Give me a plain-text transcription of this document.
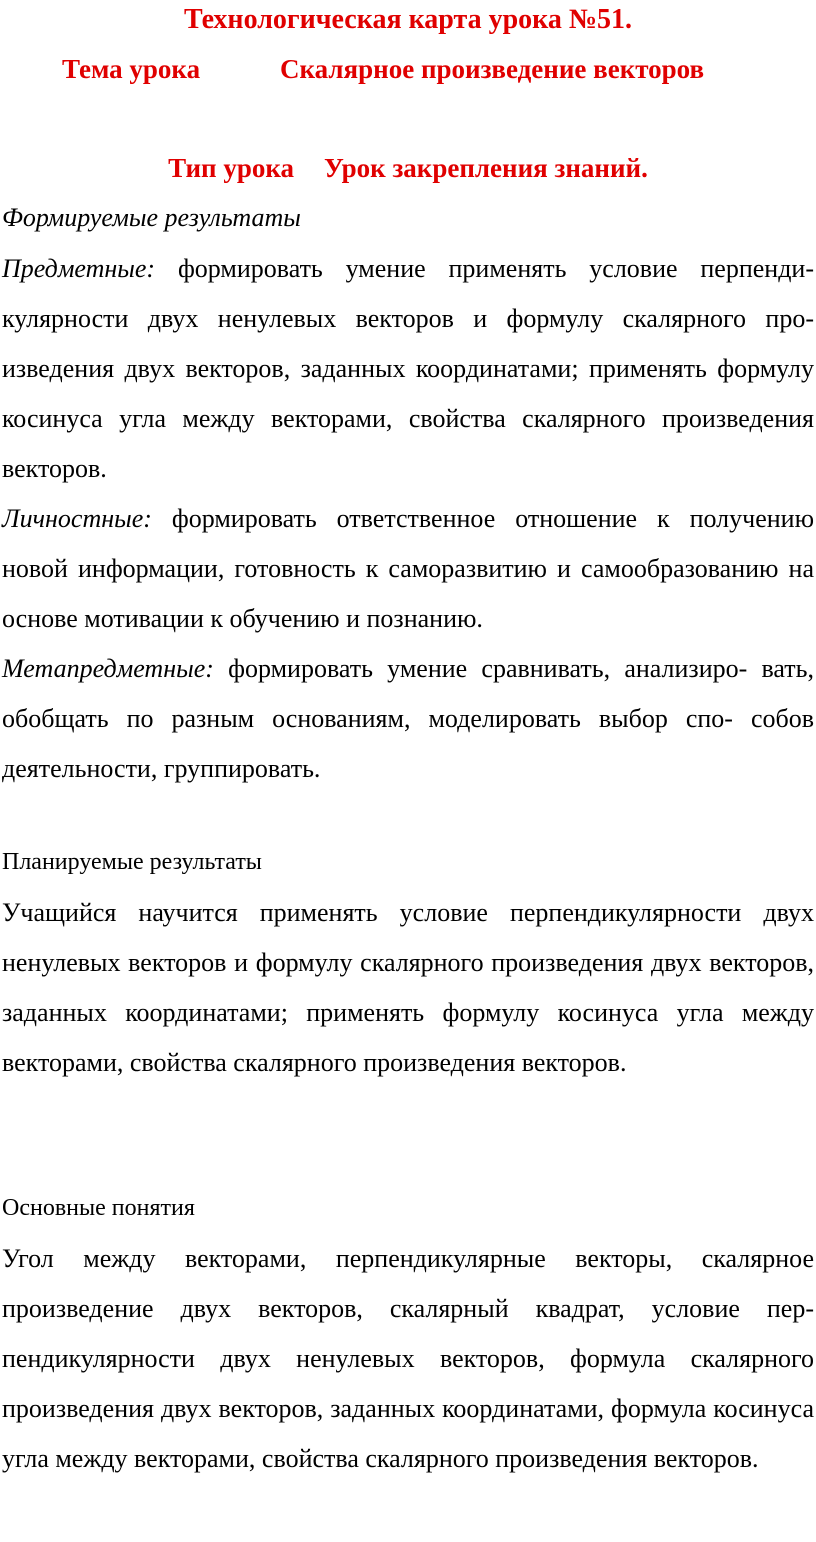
Технологическая карта урока №51.
Тема урока	Скалярное произведение векторов
Тип урока Урок закрепления знаний.
Формируемые результаты
Предметные: формировать умение применять условие перпендикулярности двух ненулевых векторов и формулу скалярного произведения двух векторов, заданных координатами; применять формулу косинуса угла между векторами, свойства скалярного произведения векторов.
Личностные: формировать ответственное отношение к получению новой информации, готовность к саморазвитию и самообразованию на основе мотивации к обучению и познанию.
Метапредметные: формировать умение сравнивать, анализиро- вать, обобщать по разным основаниям, моделировать выбор спо- собов деятельности, группировать.
Планируемые результаты
Учащийся научится применять условие перпендикулярности двух ненулевых векторов и формулу скалярного произведения двух векторов, заданных координатами; применять формулу косинуса угла между векторами, свойства скалярного произведения векторов.
Основные понятия
Угол между векторами, перпендикулярные векторы, скалярное произведение двух векторов, скалярный квадрат, условие перпендикулярности двух ненулевых векторов, формула скалярного произведения двух векторов, заданных координатами, формула косинуса угла между векторами, свойства скалярного произведения векторов.
